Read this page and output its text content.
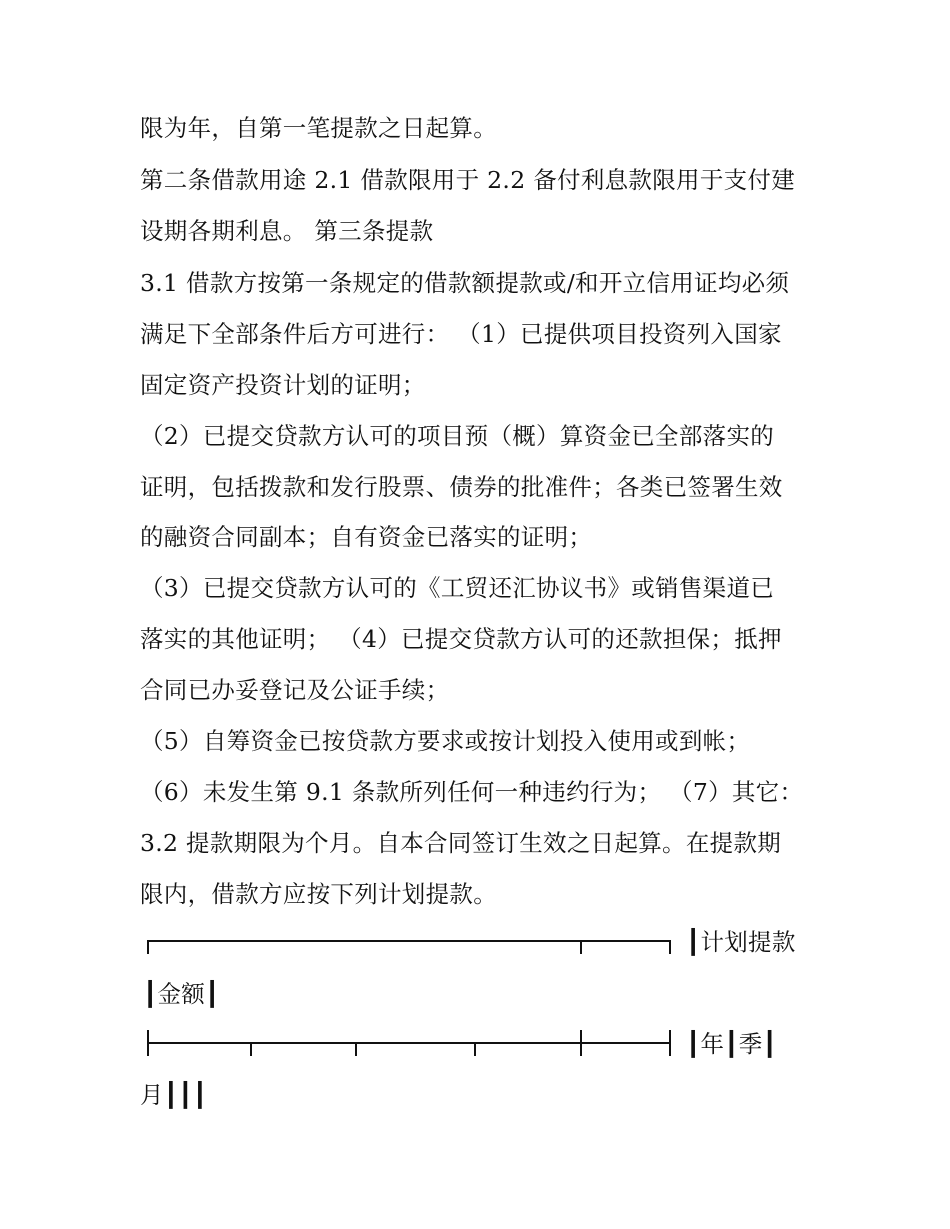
限为年，自第一笔提款之日起算。
第二条借款用途 2.1 借款限用于 2.2 备付利息款限用于支付建
设期各期利息。 第三条提款
3.1 借款方按第一条规定的借款额提款或/和开立信用证均必须
满足下全部条件后方可进行： （1）已提供项目投资列入国家
固定资产投资计划的证明；
（2）已提交贷款方认可的项目预（概）算资金已全部落实的
证明，包括拨款和发行股票、债券的批准件；各类已签署生效
的融资合同副本；自有资金已落实的证明；
（3）已提交贷款方认可的《工贸还汇协议书》或销售渠道已
落实的其他证明； （4）已提交贷款方认可的还款担保；抵押
合同已办妥登记及公证手续；
（5）自筹资金已按贷款方要求或按计划投入使用或到帐；
（6）未发生第 9.1 条款所列任何一种违约行为； （7）其它：
3.2 提款期限为个月。自本合同签订生效之日起算。在提款期
限内，借款方应按下列计划提款。
┃计划提款
┃金额┃
┃年┃季┃
月┃┃┃
